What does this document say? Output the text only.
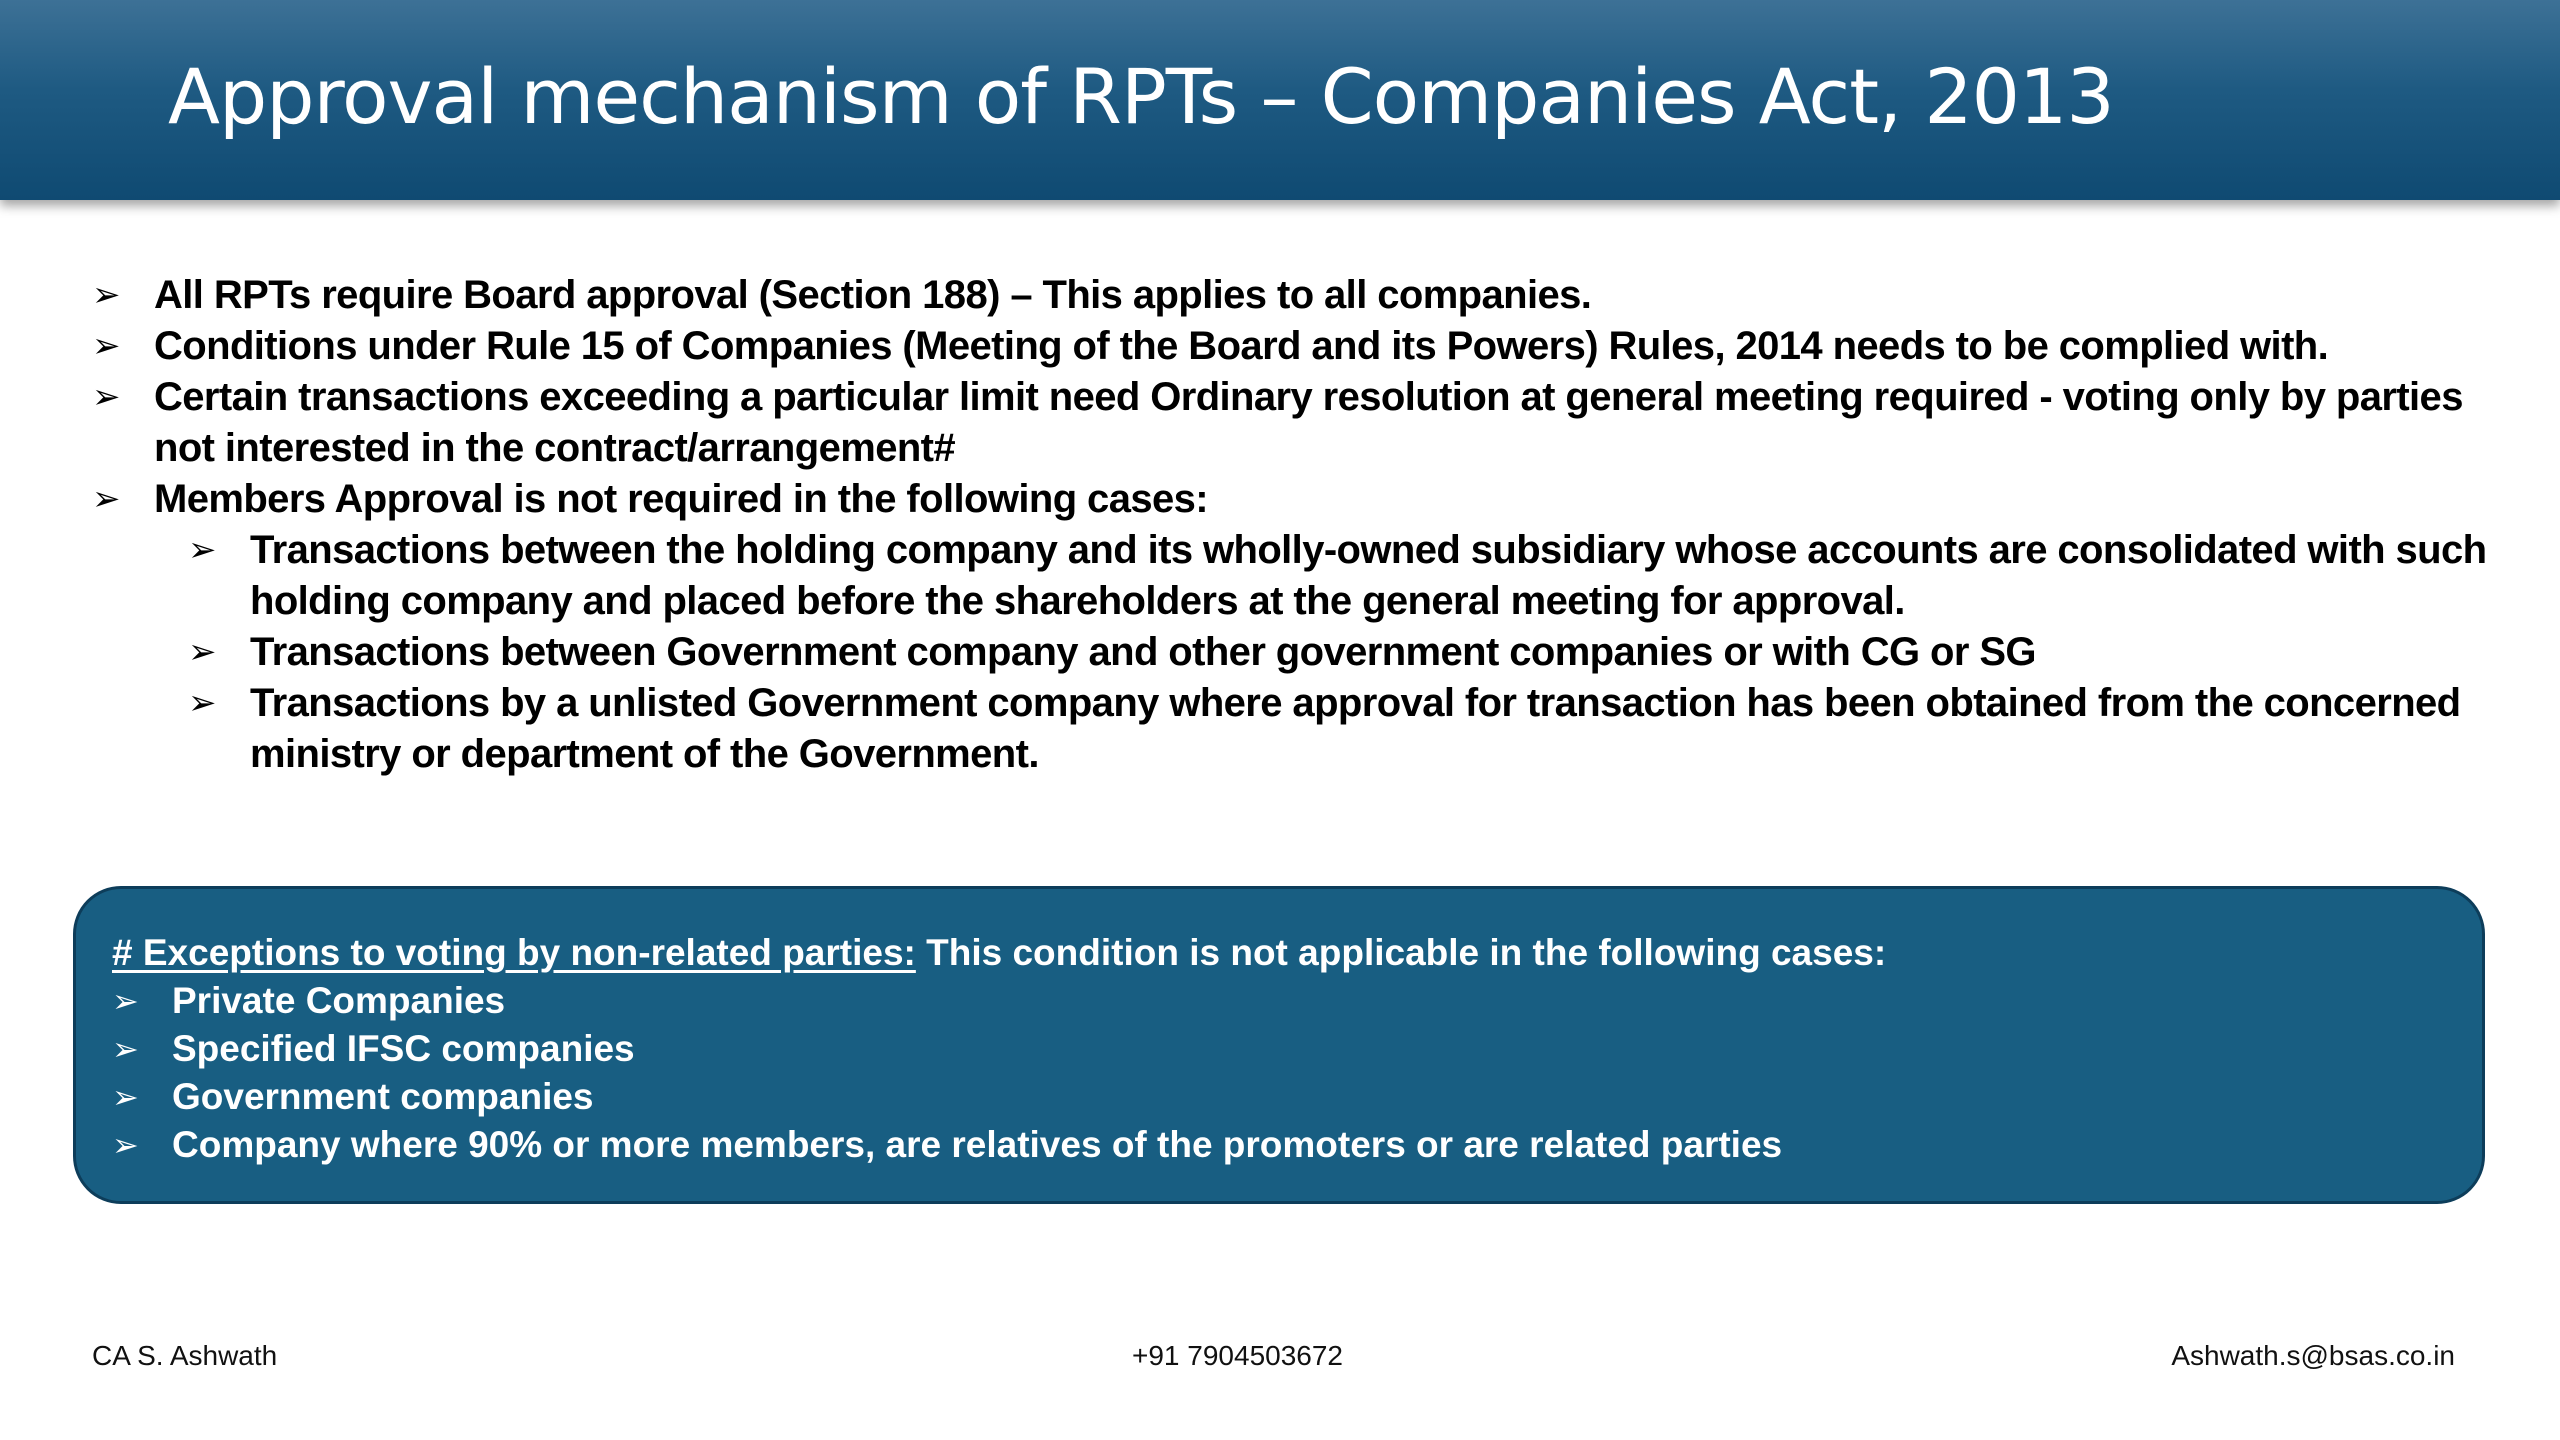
Approval mechanism of RPTs – Companies Act, 2013
➢ All RPTs require Board approval (Section 188) – This applies to all companies.
➢ Conditions under Rule 15 of Companies (Meeting of the Board and its Powers) Rules, 2014 needs to be complied with.
➢ Certain transactions exceeding a particular limit need Ordinary resolution at general meeting required - voting only by parties not interested in the contract/arrangement#
➢ Members Approval is not required in the following cases:
➢ Transactions between the holding company and its wholly-owned subsidiary whose accounts are consolidated with such holding company and placed before the shareholders at the general meeting for approval.
➢ Transactions between Government company and other government companies or with CG or SG
➢ Transactions by a unlisted Government company where approval for transaction has been obtained from the concerned ministry or department of the Government.
# Exceptions to voting by non-related parties: This condition is not applicable in the following cases:
➢ Private Companies
➢ Specified IFSC companies
➢ Government companies
➢ Company where 90% or more members, are relatives of the promoters or are related parties
CA S. Ashwath	+91 7904503672	Ashwath.s@bsas.co.in
